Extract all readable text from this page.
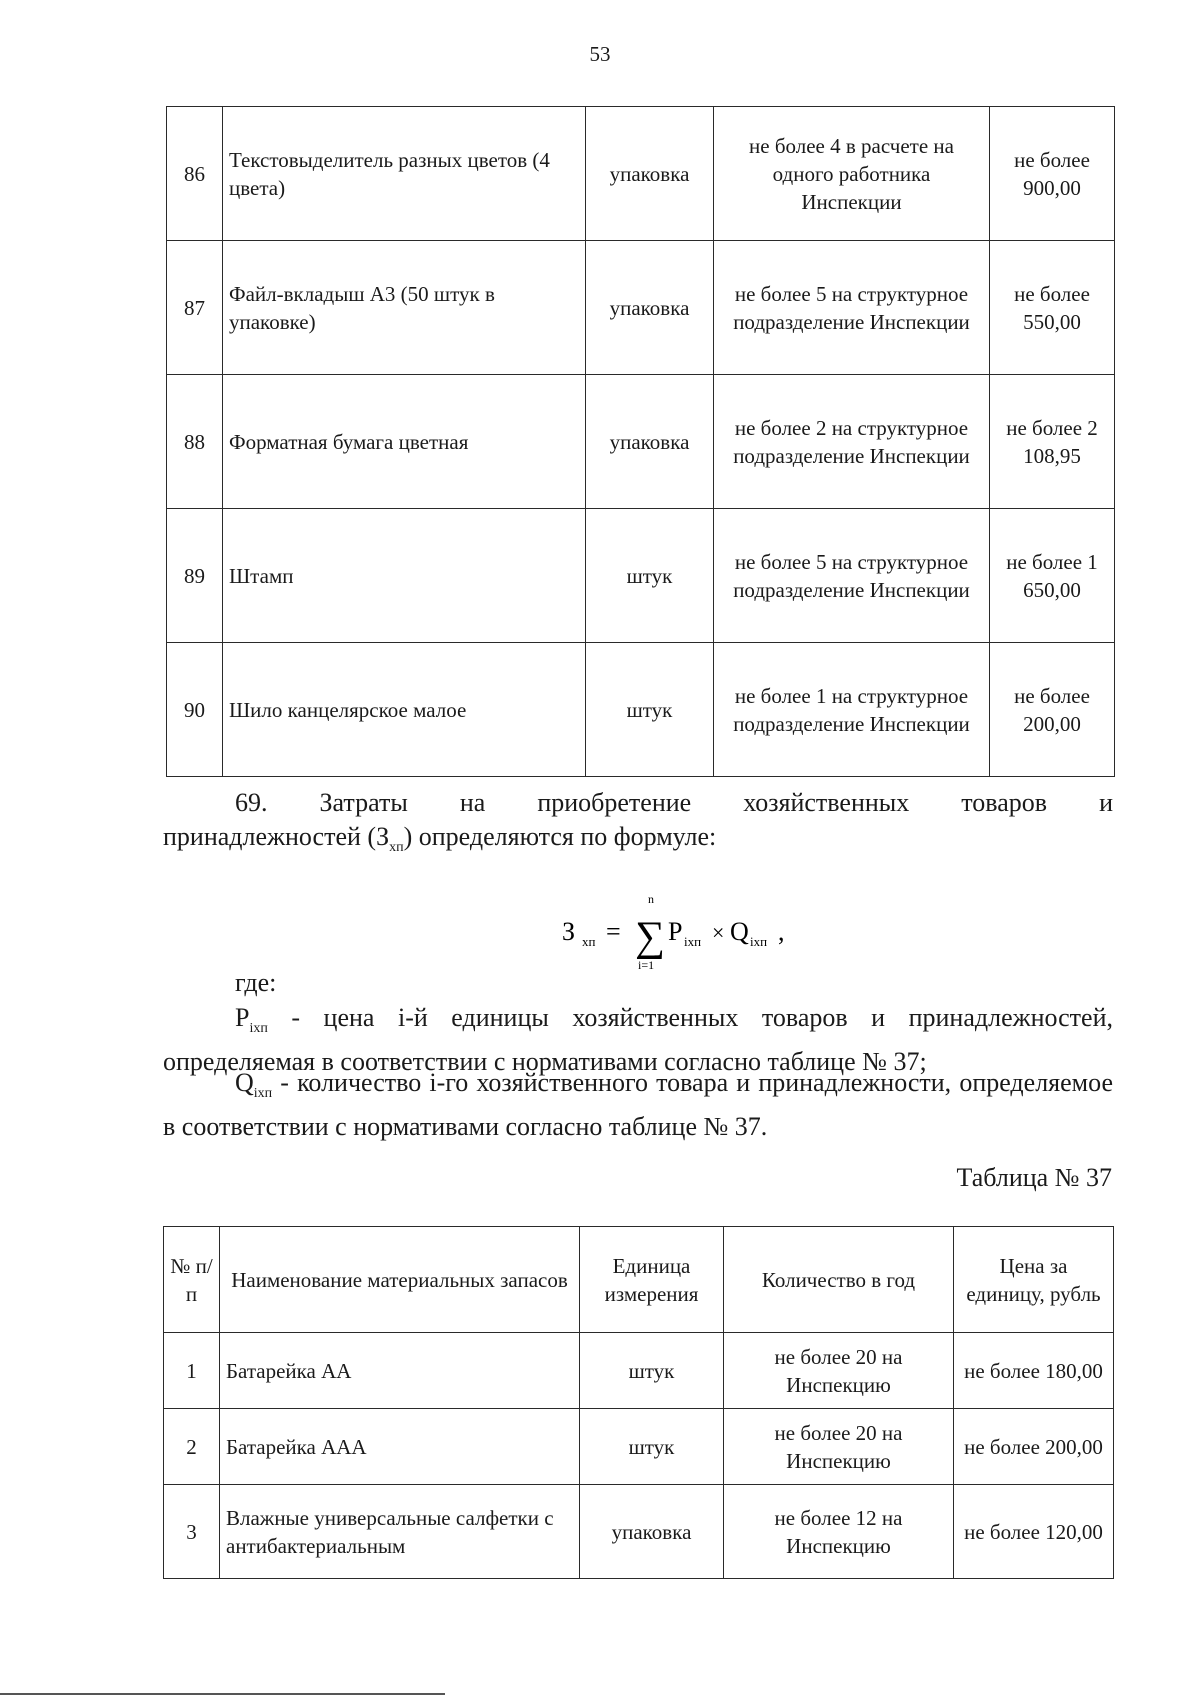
53
86	Текстовыделитель разных цветов (4 цвета)	упаковка	не более 4 в расчете на одного работника Инспекции	не более 900,00
87	Файл-вкладыш А3 (50 штук в упаковке)	упаковка	не более 5 на структурное подразделение Инспекции	не более 550,00
88	Форматная бумага цветная	упаковка	не более 2 на структурное подразделение Инспекции	не более 2 108,95
89	Штамп	штук	не более 5 на структурное подразделение Инспекции	не более 1 650,00
90	Шило канцелярское малое	штук	не более 1 на структурное подразделение Инспекции	не более 200,00
69. Затраты на приобретение хозяйственных товаров и
принадлежностей $(З_{хп})$ определяются по формуле:
З хп = ∑
n
i=1
P iхп × Q iхп ,
где:
$P_{iхп}$ - цена i-й единицы хозяйственных товаров и принадлежностей, определяемая в соответствии с нормативами согласно таблице № 37;
$Q_{iхп}$ - количество i-го хозяйственного товара и принадлежности, определяемое в соответствии с нормативами согласно таблице № 37.
Таблица № 37
№ п/п	Наименование материальных запасов	Единица измерения	Количество в год	Цена за единицу, рубль
1	Батарейка АА	штук	не более 20 на Инспекцию	не более 180,00
2	Батарейка ААА	штук	не более 20 на Инспекцию	не более 200,00
3	Влажные универсальные салфетки с антибактериальным	упаковка	не более 12 на Инспекцию	не более 120,00
